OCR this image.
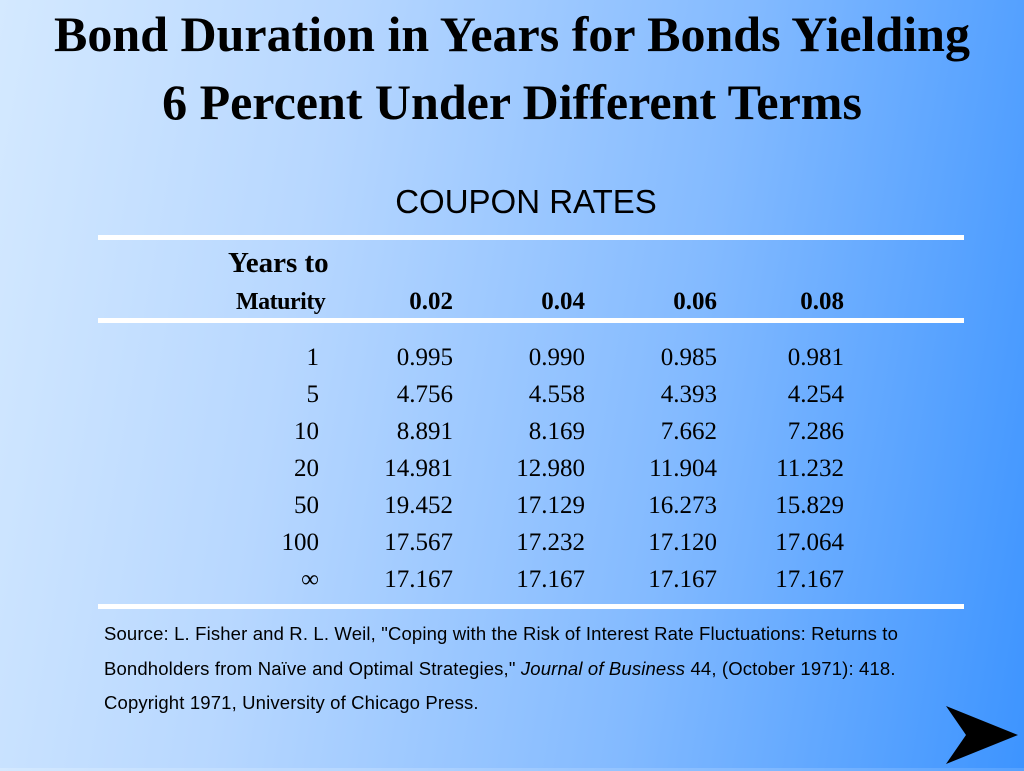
Bond Duration in Years for Bonds Yielding 6 Percent Under Different Terms
COUPON RATES
Years to
Maturity	0.02	0.04	0.06	0.08
1	0.995	0.990	0.985	0.981
5	4.756	4.558	4.393	4.254
10	8.891	8.169	7.662	7.286
20	14.981	12.980	11.904	11.232
50	19.452	17.129	16.273	15.829
100	17.567	17.232	17.120	17.064
∞	17.167	17.167	17.167	17.167
Source: L. Fisher and R. L. Weil, "Coping with the Risk of Interest Rate Fluctuations: Returns to Bondholders from Naïve and Optimal Strategies," Journal of Business 44, (October 1971): 418. Copyright 1971, University of Chicago Press.
